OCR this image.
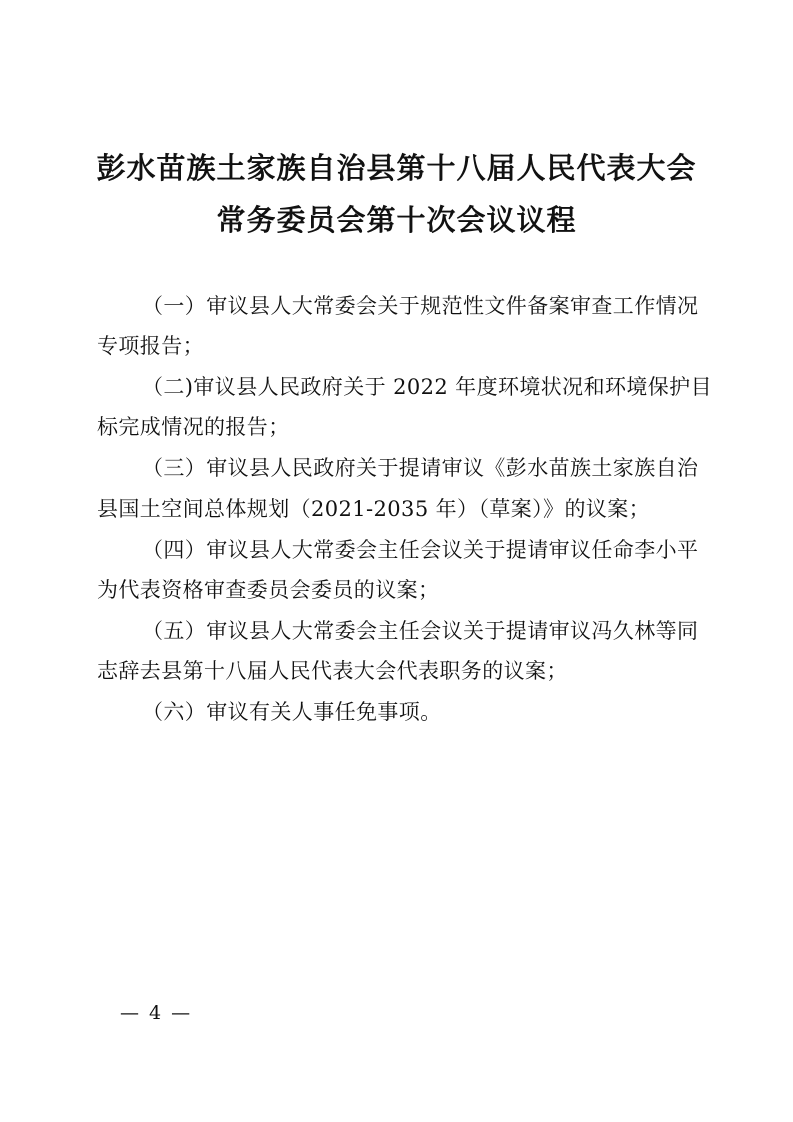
彭水苗族土家族自治县第十八届人民代表大会
常务委员会第十次会议议程
（一）审议县人大常委会关于规范性文件备案审查工作情况
专项报告；
（二)审议县人民政府关于 2022 年度环境状况和环境保护目
标完成情况的报告；
（三）审议县人民政府关于提请审议《彭水苗族土家族自治
县国土空间总体规划（2021-2035 年）（草案）》的议案；
（四）审议县人大常委会主任会议关于提请审议任命李小平
为代表资格审查委员会委员的议案；
（五）审议县人大常委会主任会议关于提请审议冯久林等同
志辞去县第十八届人民代表大会代表职务的议案；
（六）审议有关人事任免事项。
— 4 —
